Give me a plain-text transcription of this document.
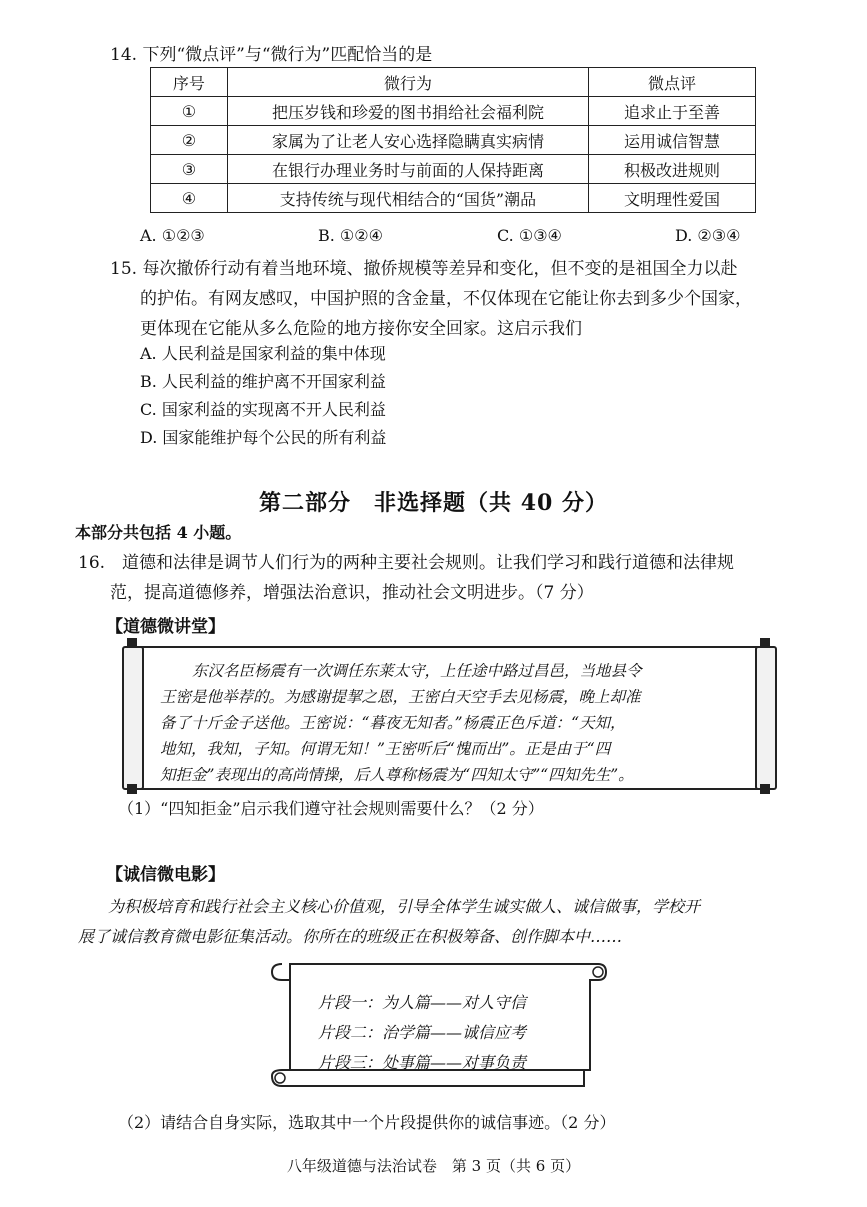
14. 下列“微点评”与“微行为”匹配恰当的是
序号	微行为	微点评
①	把压岁钱和珍爱的图书捐给社会福利院	追求止于至善
②	家属为了让老人安心选择隐瞒真实病情	运用诚信智慧
③	在银行办理业务时与前面的人保持距离	积极改进规则
④	支持传统与现代相结合的“国货”潮品	文明理性爱国
A. ①②③	B. ①②④	C. ①③④	D. ②③④
15. 每次撤侨行动有着当地环境、撤侨规模等差异和变化，但不变的是祖国全力以赴
的护佑。有网友感叹，中国护照的含金量，不仅体现在它能让你去到多少个国家，
更体现在它能从多么危险的地方接你安全回家。这启示我们
A. 人民利益是国家利益的集中体现
B. 人民利益的维护离不开国家利益
C. 国家利益的实现离不开人民利益
D. 国家能维护每个公民的所有利益
第二部分　非选择题（共 40 分）
本部分共包括 4 小题。
16.　道德和法律是调节人们行为的两种主要社会规则。让我们学习和践行道德和法律规
范，提高道德修养，增强法治意识，推动社会文明进步。（7 分）
【道德微讲堂】
东汉名臣杨震有一次调任东莱太守，上任途中路过昌邑，当地县令
王密是他举荐的。为感谢提挈之恩，王密白天空手去见杨震，晚上却准
备了十斤金子送他。王密说：“暮夜无知者。”杨震正色斥道：“天知，
地知，我知，子知。何谓无知！”王密听后“愧而出”。正是由于“四
知拒金”表现出的高尚情操，后人尊称杨震为“四知太守”“四知先生”。
（1）“四知拒金”启示我们遵守社会规则需要什么？（2 分）
【诚信微电影】
为积极培育和践行社会主义核心价值观，引导全体学生诚实做人、诚信做事，学校开
展了诚信教育微电影征集活动。你所在的班级正在积极筹备、创作脚本中……
片段一：为人篇——对人守信
片段二：治学篇——诚信应考
片段三：处事篇——对事负责
（2）请结合自身实际，选取其中一个片段提供你的诚信事迹。（2 分）
八年级道德与法治试卷　第 3 页（共 6 页）
